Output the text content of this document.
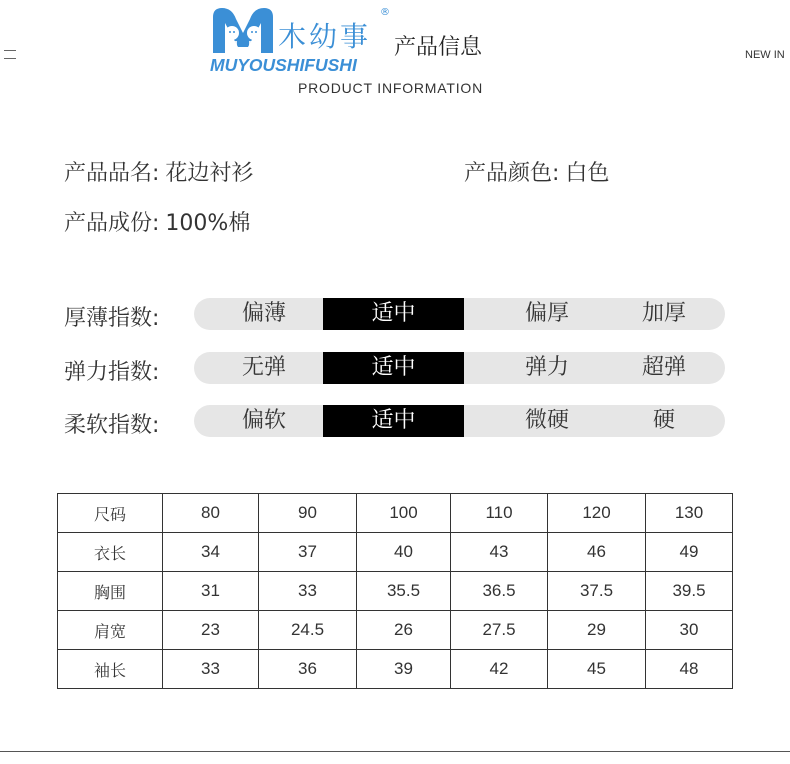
木幼事
®
MUYOUSHIFUSHI
产品信息
PRODUCT INFORMATION
NEW IN
产品品名: 花边衬衫	产品颜色: 白色
产品成份: 100%棉
厚薄指数:	偏薄	适中	偏厚	加厚
弹力指数:	无弹	适中	弹力	超弹
柔软指数:	偏软	适中	微硬	硬
尺码	80	90	100	110	120	130
衣长	34	37	40	43	46	49
胸围	31	33	35.5	36.5	37.5	39.5
肩宽	23	24.5	26	27.5	29	30
袖长	33	36	39	42	45	48
